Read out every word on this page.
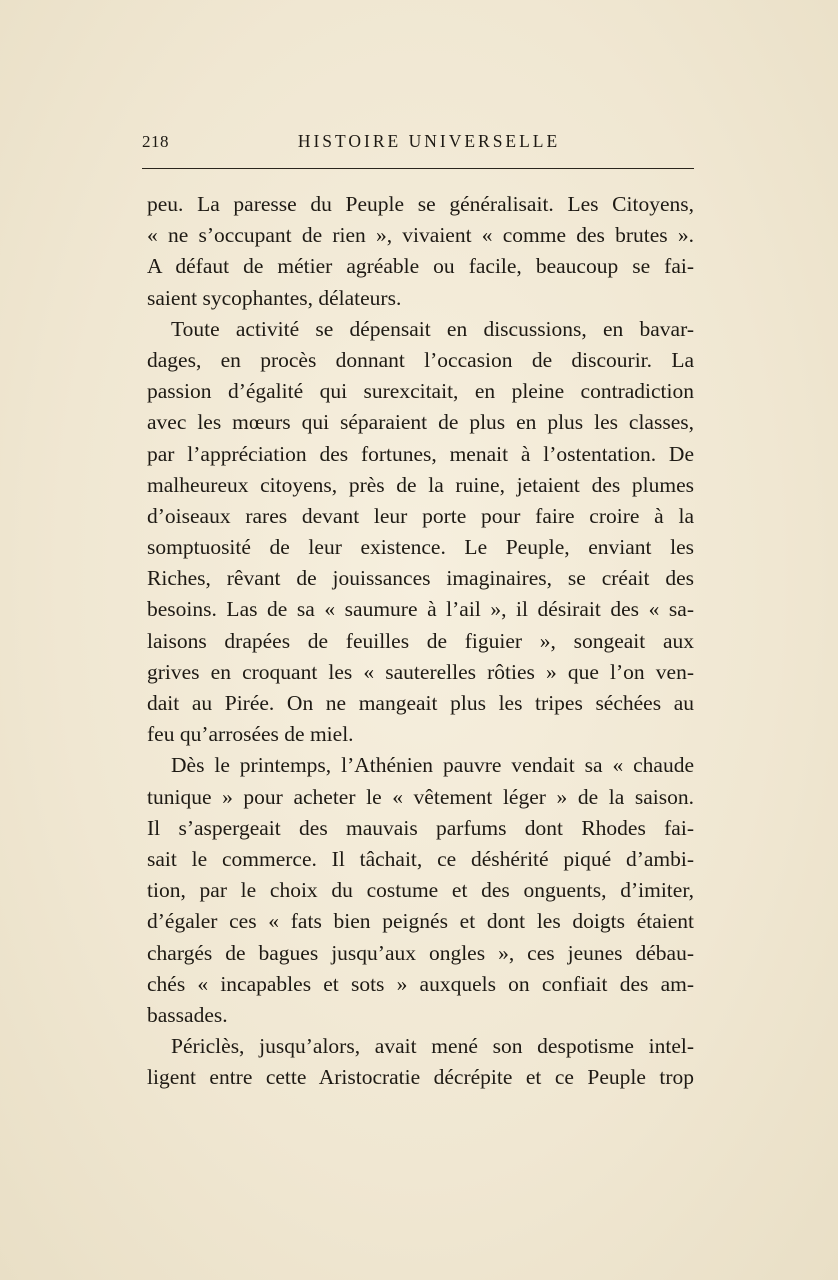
218	HISTOIRE UNIVERSELLE
peu. La paresse du Peuple se généralisait. Les Citoyens,
« ne s’occupant de rien », vivaient « comme des brutes ».
A défaut de métier agréable ou facile, beaucoup se fai-
saient sycophantes, délateurs.
Toute activité se dépensait en discussions, en bavar-
dages, en procès donnant l’occasion de discourir. La
passion d’égalité qui surexcitait, en pleine contradiction
avec les mœurs qui séparaient de plus en plus les classes,
par l’appréciation des fortunes, menait à l’ostentation. De
malheureux citoyens, près de la ruine, jetaient des plumes
d’oiseaux rares devant leur porte pour faire croire à la
somptuosité de leur existence. Le Peuple, enviant les
Riches, rêvant de jouissances imaginaires, se créait des
besoins. Las de sa « saumure à l’ail », il désirait des « sa-
laisons drapées de feuilles de figuier », songeait aux
grives en croquant les « sauterelles rôties » que l’on ven-
dait au Pirée. On ne mangeait plus les tripes séchées au
feu qu’arrosées de miel.
Dès le printemps, l’Athénien pauvre vendait sa « chaude
tunique » pour acheter le « vêtement léger » de la saison.
Il s’aspergeait des mauvais parfums dont Rhodes fai-
sait le commerce. Il tâchait, ce déshérité piqué d’ambi-
tion, par le choix du costume et des onguents, d’imiter,
d’égaler ces « fats bien peignés et dont les doigts étaient
chargés de bagues jusqu’aux ongles », ces jeunes débau-
chés « incapables et sots » auxquels on confiait des am-
bassades.
Périclès, jusqu’alors, avait mené son despotisme intel-
ligent entre cette Aristocratie décrépite et ce Peuple trop
